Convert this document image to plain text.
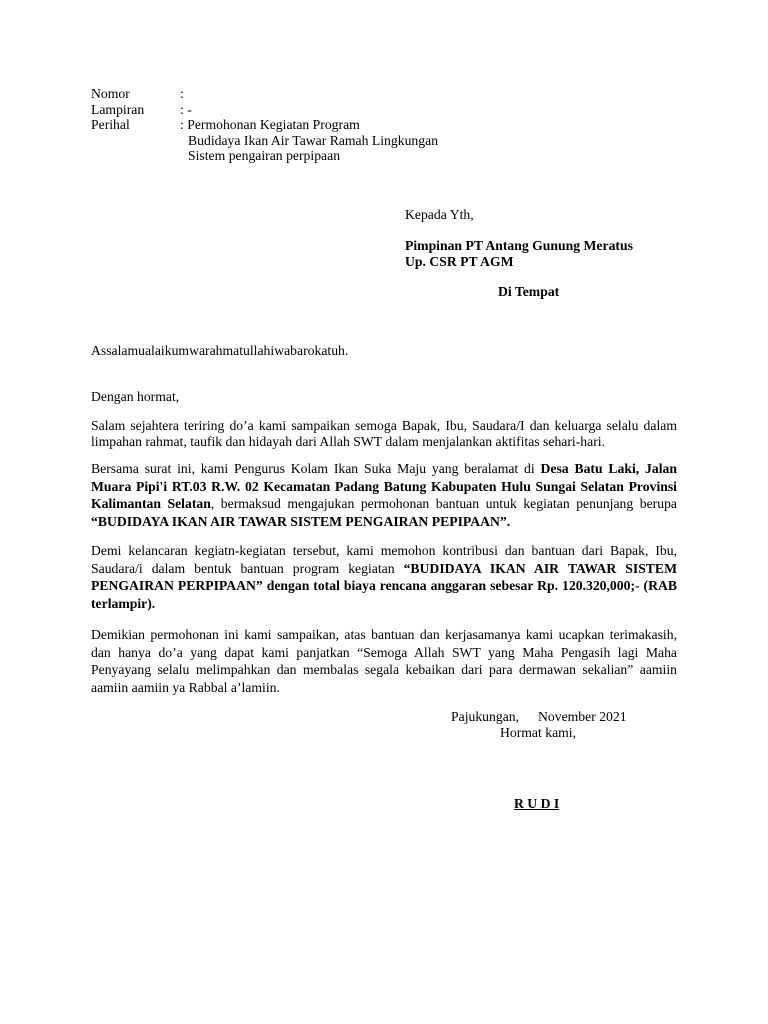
Nomor	:
Lampiran	: -
Perihal	: Permohonan Kegiatan Program
Budidaya Ikan Air Tawar Ramah Lingkungan
Sistem pengairan perpipaan
Kepada Yth,
Pimpinan PT Antang Gunung Meratus
Up. CSR PT AGM
Di Tempat
Assalamualaikumwarahmatullahiwabarokatuh.
Dengan hormat,
Salam sejahtera teriring do’a kami sampaikan semoga Bapak, Ibu, Saudara/I dan keluarga selalu dalam
limpahan rahmat, taufik dan hidayah dari Allah SWT dalam menjalankan aktifitas sehari-hari.
Bersama surat ini, kami Pengurus Kolam Ikan Suka Maju yang beralamat di Desa Batu Laki, Jalan
Muara Pipi'i RT.03 R.W. 02 Kecamatan Padang Batung Kabupaten Hulu Sungai Selatan Provinsi
Kalimantan Selatan, bermaksud mengajukan permohonan bantuan untuk kegiatan penunjang berupa
“BUDIDAYA IKAN AIR TAWAR SISTEM PENGAIRAN PEPIPAAN”.
Demi kelancaran kegiatn-kegiatan tersebut, kami memohon kontribusi dan bantuan dari Bapak, Ibu,
Saudara/i dalam bentuk bantuan program kegiatan “BUDIDAYA IKAN AIR TAWAR SISTEM
PENGAIRAN PERPIPAAN” dengan total biaya rencana anggaran sebesar Rp. 120.320,000;- (RAB
terlampir).
Demikian permohonan ini kami sampaikan, atas bantuan dan kerjasamanya kami ucapkan terimakasih,
dan hanya do’a yang dapat kami panjatkan “Semoga Allah SWT yang Maha Pengasih lagi Maha
Penyayang selalu melimpahkan dan membalas segala kebaikan dari para dermawan sekalian” aamiin
aamiin aamiin ya Rabbal a’lamiin.
Pajukungan, November 2021
Hormat kami,
R U D I
